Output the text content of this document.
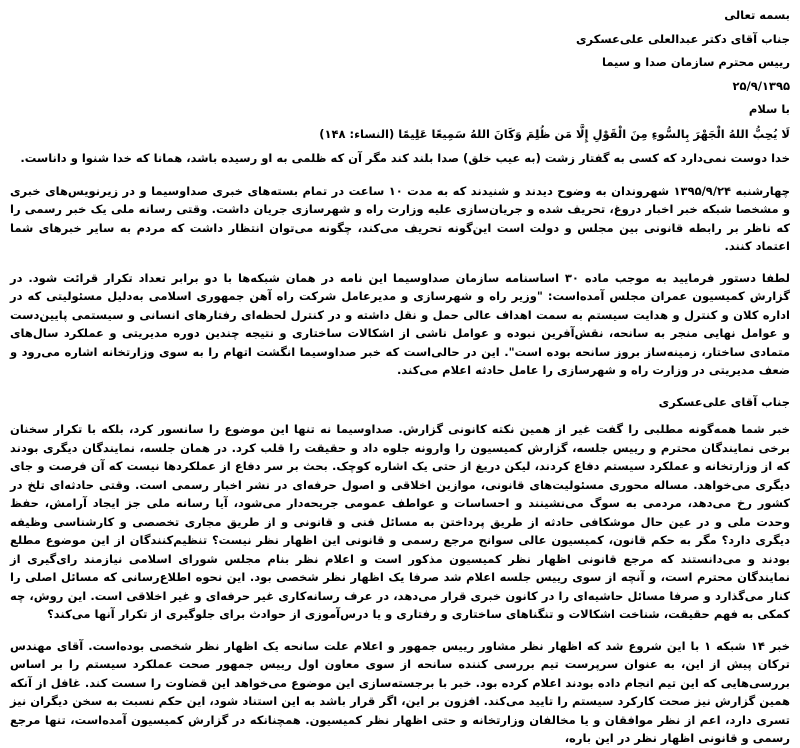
بسمه تعالی
جناب آقای دکتر عبدالعلی علی‌عسکری
رییس محترم سازمان صدا و سیما
۲۵/۹/۱۳۹۵
با سلام
لَا يُحِبُّ اللهُ الْجَهْرَ بِالسُّوءِ مِنَ الْقَوْلِ إِلَّا مَن ظُلِمَ وَكَانَ اللهُ سَمِيعًا عَلِيمًا (النساء: ۱۴۸)
خدا دوست نمی‌دارد که کسی به گفتار زشت (به عیب خلق) صدا بلند کند مگر آن که ظلمی به او رسیده باشد، همانا که خدا شنوا و داناست.

چهارشنبه ۱۳۹۵/۹/۲۴ شهروندان به وضوح دیدند و شنیدند که به مدت ۱۰ ساعت در تمام بسته‌های خبری صداوسیما و در زیرنویس‌های خبری و مشخصا شبکه خبر اخبار دروغ، تحریف شده و جریان‌سازی علیه وزارت راه و شهرسازی جریان داشت. وقتی رسانه ملی یک خبر رسمی را که ناظر بر رابطه قانونی بین مجلس و دولت است این‌گونه تحریف می‌کند، چگونه می‌توان انتظار داشت که مردم به سایر خبرهای شما اعتماد کنند.

لطفا دستور فرمایید به موجب ماده ۳۰ اساسنامه سازمان صداوسیما این نامه در همان شبکه‌ها با دو برابر تعداد تکرار قرائت شود. در گزارش کمیسیون عمران مجلس آمده‌است: "وزیر راه و شهرسازی و مدیرعامل شرکت راه آهن جمهوری اسلامی به‌دلیل مسئولیتی که در اداره کلان و کنترل و هدایت سیستم به سمت اهداف عالی حمل و نقل داشته و در کنترل لحظه‌ای رفتارهای انسانی و سیستمی پایین‌دست و عوامل نهایی منجر به سانحه، نقش‌آفرین نبوده و عوامل ناشی از اشکالات ساختاری و نتیجه چندین دوره مدیریتی و عملکرد سال‌های متمادی ساختار، زمینه‌ساز بروز سانحه بوده است". این در حالی‌است که خبر صداوسیما انگشت اتهام را به سوی وزارتخانه اشاره می‌رود و ضعف مدیریتی در وزارت راه و شهرسازی را عامل حادثه اعلام می‌کند.

جناب آقای علی‌عسکری

خبر شما همه‌گونه مطلبی را گفت غیر از همین نکته کانونی گزارش. صداوسیما نه تنها این موضوع را سانسور کرد، بلکه با تکرار سخنان برخی نمایندگان محترم و رییس جلسه، گزارش کمیسیون را وارونه جلوه داد و حقیقت را قلب کرد. در همان جلسه، نمایندگان دیگری بودند که از وزارتخانه و عملکرد سیستم دفاع کردند، لیکن دریغ از حتی یک اشاره کوچک. بحث بر سر دفاع از عملکردها نیست که آن فرصت و جای دیگری می‌خواهد. مساله محوری مسئولیت‌های قانونی، موازین اخلاقی و اصول حرفه‌ای در نشر اخبار رسمی است. وقتی حادثه‌ای تلخ در کشور رخ می‌دهد، مردمی به سوگ می‌نشینند و احساسات و عواطف عمومی جریحه‌دار می‌شود، آیا رسانه ملی جز ایجاد آرامش، حفظ وحدت ملی و در عین حال موشکافی حادثه از طریق پرداختن به مسائل فنی و قانونی و از طریق مجاری تخصصی و کارشناسی وظیفه دیگری دارد؟ مگر به حکم قانون، کمیسیون عالی سوانح مرجع رسمی و قانونی این اظهار نظر نیست؟ تنظیم‌کنندگان از این موضوع مطلع بودند و می‌دانستند که مرجع قانونی اظهار نظر کمیسیون مذکور است و اعلام نظر بنام مجلس شورای اسلامی نیازمند رای‌گیری از نمایندگان محترم است، و آنچه از سوی رییس جلسه اعلام شد صرفا یک اظهار نظر شخصی بود. این نحوه اطلاع‌رسانی که مسائل اصلی را کنار می‌گذارد و صرفا مسائل حاشیه‌ای را در کانون خبری قرار می‌دهد، در عرف رسانه‌کاری غیر حرفه‌ای و غیر اخلاقی است. این روش، چه کمکی به فهم حقیقت، شناخت اشکالات و تنگناهای ساختاری و رفتاری و یا درس‌آموزی از حوادث برای جلوگیری از تکرار آنها می‌کند؟

خبر ۱۴ شبکه ۱ با این شروع شد که اظهار نظر مشاور رییس جمهور و اعلام علت سانحه یک اظهار نظر شخصی بوده‌است. آقای مهندس ترکان پیش از این، به عنوان سرپرست تیم بررسی کننده سانحه از سوی معاون اول رییس جمهور صحت عملکرد سیستم را بر اساس بررسی‌هایی که این تیم انجام داده بودند اعلام کرده بود. خبر با برجسته‌سازی این موضوع می‌خواهد این قضاوت را سست کند. غافل از آنکه همین گزارش نیز صحت کارکرد سیستم را تایید می‌کند. افزون بر این، اگر قرار باشد به این استناد شود، این حکم نسبت به سخن دیگران نیز تسری دارد، اعم از نظر موافقان و یا مخالفان وزارتخانه و حتی اظهار نظر کمیسیون. همچنانکه در گزارش کمیسیون آمده‌است، تنها مرجع رسمی و قانونی اظهار نظر در این باره،
